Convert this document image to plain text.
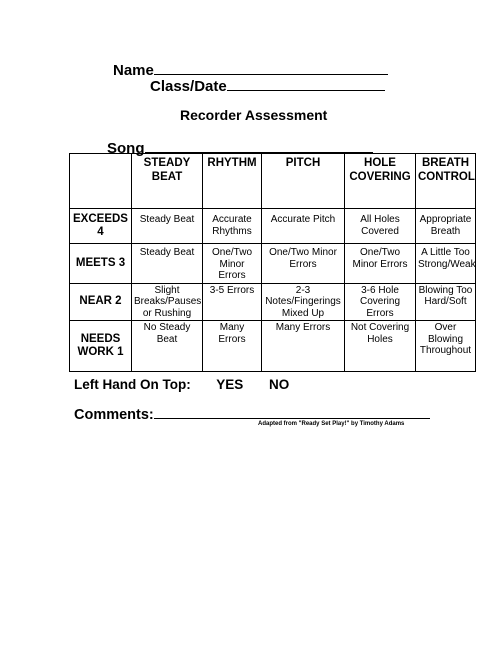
Name
Class/Date
Recorder Assessment
Song
	STEADY BEAT	RHYTHM	PITCH	HOLE COVERING	BREATH CONTROL
EXCEEDS 4	Steady Beat	Accurate Rhythms	Accurate Pitch	All Holes Covered	Appropriate Breath
MEETS 3	Steady Beat	One/Two Minor Errors	One/Two Minor Errors	One/Two Minor Errors	A Little Too Strong/Weak
NEAR 2	Slight Breaks/Pauses or Rushing	3-5 Errors	2-3 Notes/Fingerings Mixed Up	3-6 Hole Covering Errors	Blowing Too Hard/Soft
NEEDS WORK 1	No Steady Beat	Many Errors	Many Errors	Not Covering Holes	Over Blowing Throughout
Left Hand On Top: YES NO
Comments:
Adapted from "Ready Set Play!" by Timothy Adams
